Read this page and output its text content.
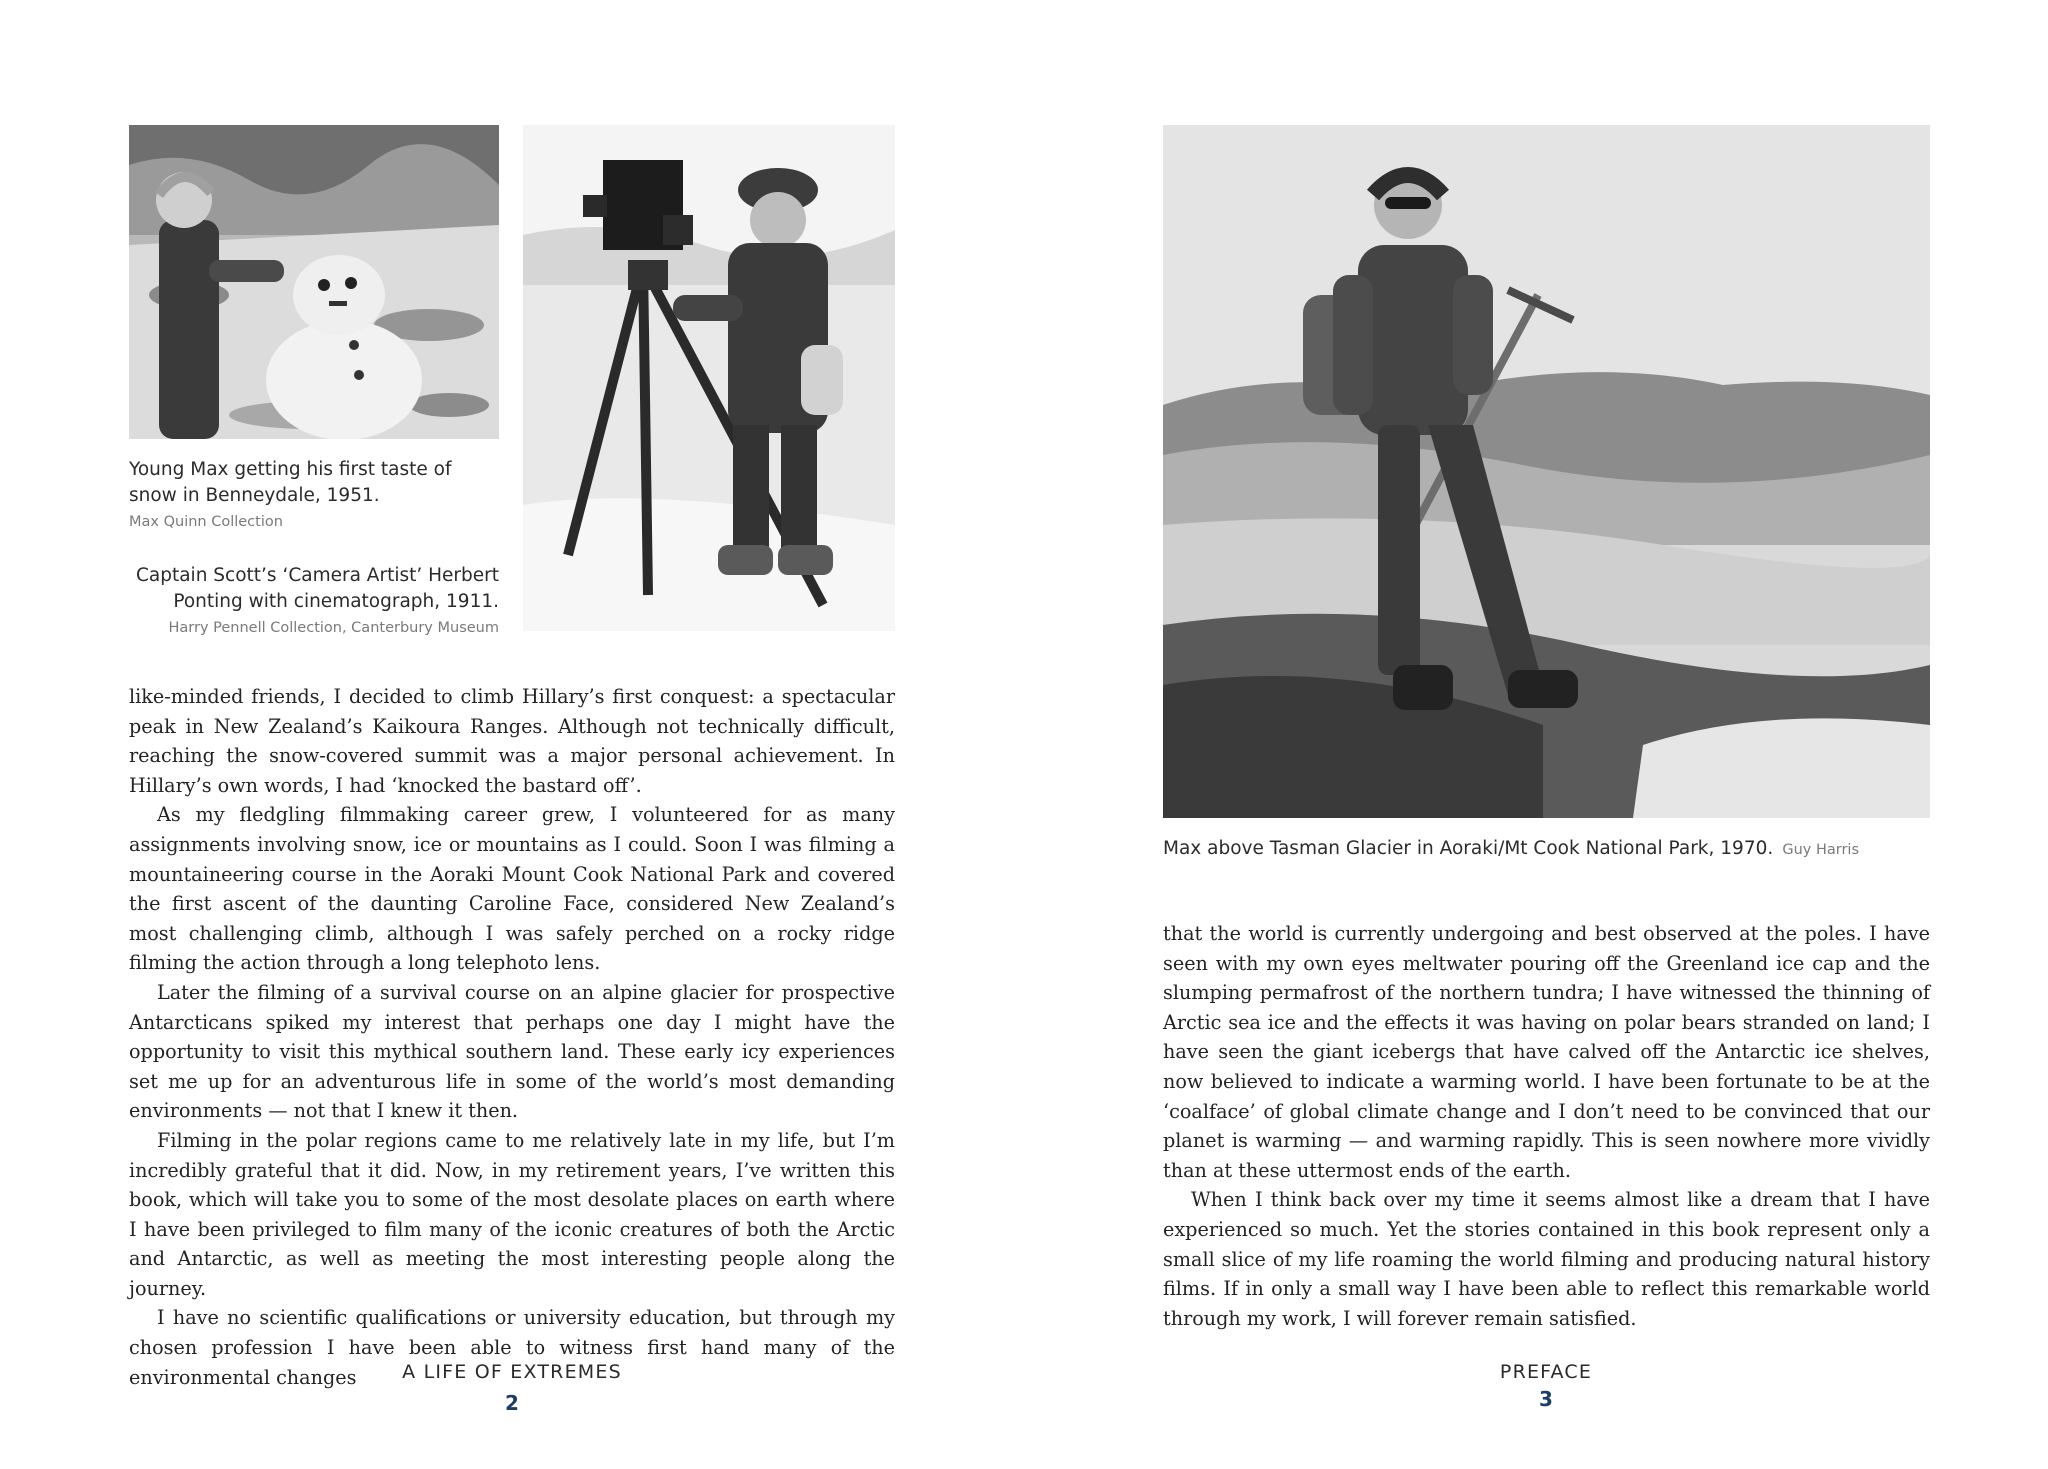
Young Max getting his first taste of snow in Benneydale, 1951.
Max Quinn Collection
Captain Scott’s ‘Camera Artist’ Herbert Ponting with cinematograph, 1911.
Harry Pennell Collection, Canterbury Museum

like-minded friends, I decided to climb Hillary’s first conquest: a spectacular peak in New Zealand’s Kaikoura Ranges. Although not technically difficult, reaching the snow-covered summit was a major personal achievement. In Hillary’s own words, I had ‘knocked the bastard off’.

As my fledgling filmmaking career grew, I volunteered for as many assignments involving snow, ice or mountains as I could. Soon I was filming a mountaineering course in the Aoraki Mount Cook National Park and covered the first ascent of the daunting Caroline Face, considered New Zealand’s most challenging climb, although I was safely perched on a rocky ridge filming the action through a long telephoto lens.

Later the filming of a survival course on an alpine glacier for prospective Antarcticans spiked my interest that perhaps one day I might have the opportunity to visit this mythical southern land. These early icy experiences set me up for an adventurous life in some of the world’s most demanding environments — not that I knew it then.

Filming in the polar regions came to me relatively late in my life, but I’m incredibly grateful that it did. Now, in my retirement years, I’ve written this book, which will take you to some of the most desolate places on earth where I have been privileged to film many of the iconic creatures of both the Arctic and Antarctic, as well as meeting the most interesting people along the journey.

I have no scientific qualifications or university education, but through my chosen profession I have been able to witness first hand many of the environmental changes	A LIFE OF EXTREMES
2
Max above Tasman Glacier in Aoraki/Mt Cook National Park, 1970. Guy Harris

that the world is currently undergoing and best observed at the poles. I have seen with my own eyes meltwater pouring off the Greenland ice cap and the slumping permafrost of the northern tundra; I have witnessed the thinning of Arctic sea ice and the effects it was having on polar bears stranded on land; I have seen the giant icebergs that have calved off the Antarctic ice shelves, now believed to indicate a warming world. I have been fortunate to be at the ‘coalface’ of global climate change and I don’t need to be convinced that our planet is warming — and warming rapidly. This is seen nowhere more vividly than at these uttermost ends of the earth.

When I think back over my time it seems almost like a dream that I have experienced so much. Yet the stories contained in this book represent only a small slice of my life roaming the world filming and producing natural history films. If in only a small way I have been able to reflect this remarkable world through my work, I will forever remain satisfied.

PREFACE
3
